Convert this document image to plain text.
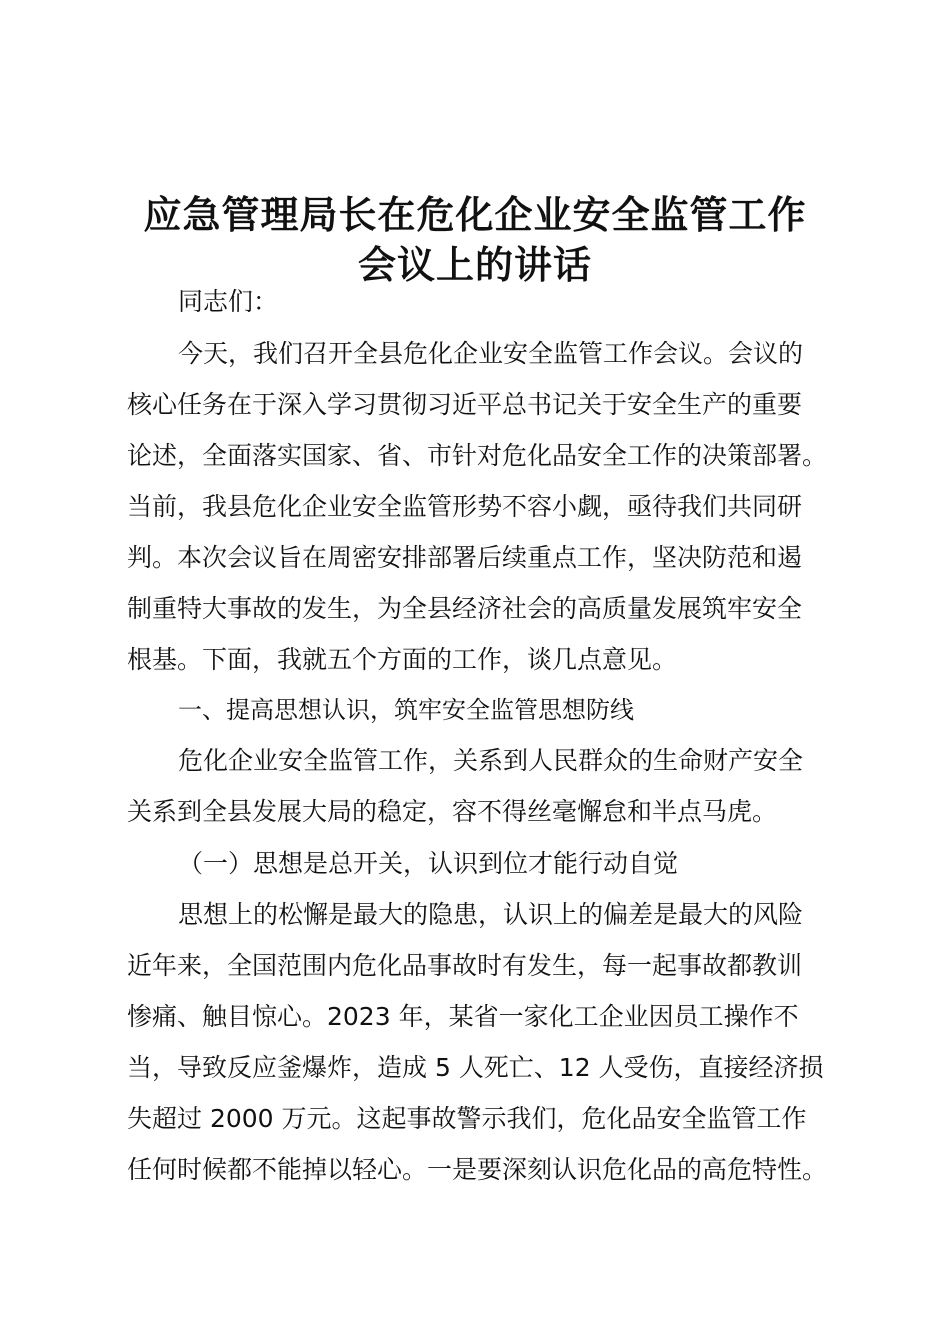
应急管理局长在危化企业安全监管工作
会议上的讲话
同志们：
今天，我们召开全县危化企业安全监管工作会议。会议的
核心任务在于深入学习贯彻习近平总书记关于安全生产的重要
论述，全面落实国家、省、市针对危化品安全工作的决策部署。
当前，我县危化企业安全监管形势不容小觑，亟待我们共同研
判。本次会议旨在周密安排部署后续重点工作，坚决防范和遏
制重特大事故的发生，为全县经济社会的高质量发展筑牢安全
根基。下面，我就五个方面的工作，谈几点意见。
一、提高思想认识，筑牢安全监管思想防线
危化企业安全监管工作，关系到人民群众的生命财产安全
关系到全县发展大局的稳定，容不得丝毫懈怠和半点马虎。
（一）思想是总开关，认识到位才能行动自觉
思想上的松懈是最大的隐患，认识上的偏差是最大的风险
近年来，全国范围内危化品事故时有发生，每一起事故都教训
惨痛、触目惊心。2023 年，某省一家化工企业因员工操作不
当，导致反应釜爆炸，造成 5 人死亡、12 人受伤，直接经济损
失超过 2000 万元。这起事故警示我们，危化品安全监管工作
任何时候都不能掉以轻心。一是要深刻认识危化品的高危特性。
